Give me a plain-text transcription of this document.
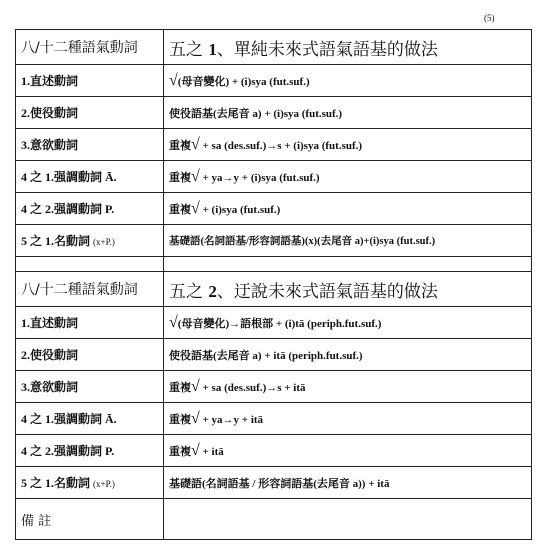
(5)
八/十二種語氣動詞	五之 1、單純未來式語氣語基的做法
1.直述動詞	√(母音變化) + (i)sya (fut.suf.)
2.使役動詞	使役語基(去尾音 a) + (i)sya (fut.suf.)
3.意欲動詞	重複√ + sa (des.suf.)→s + (i)sya (fut.suf.)
4 之 1.强調動詞 Ā.	重複√ + ya→y + (i)sya (fut.suf.)
4 之 2.强調動詞 P.	重複√ + (i)sya (fut.suf.)
5 之 1.名動詞 (x+P.)	基礎語(名詞語基/形容詞語基)(x)(去尾音 a)+(i)sya (fut.suf.)

八/十二種語氣動詞	五之 2、迂說未來式語氣語基的做法
1.直述動詞	√(母音變化)→語根部 + (i)tā (periph.fut.suf.)
2.使役動詞	使役語基(去尾音 a) + itā (periph.fut.suf.)
3.意欲動詞	重複√ + sa (des.suf.)→s + itā
4 之 1.强調動詞 Ā.	重複√ + ya→y + itā
4 之 2.强調動詞 P.	重複√ + itā
5 之 1.名動詞 (x+P.)	基礎語(名詞語基 / 形容詞語基(去尾音 a)) + itā
備 註	
